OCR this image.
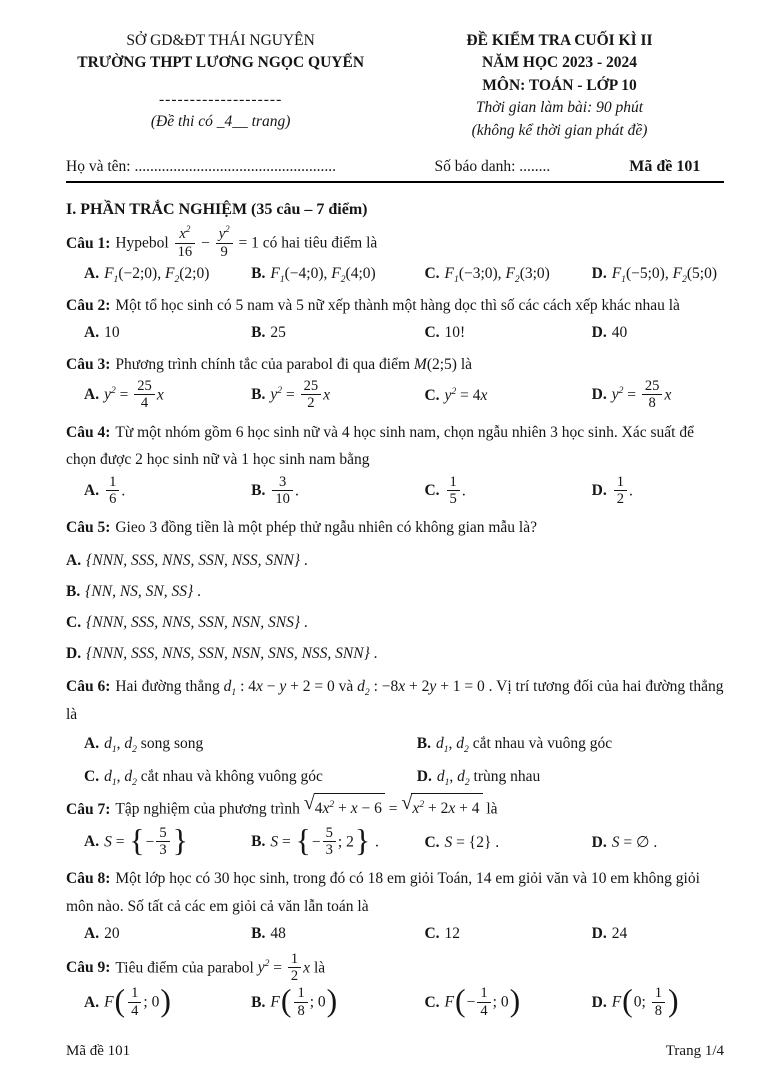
SỞ GD&ĐT THÁI NGUYÊN
TRƯỜNG THPT LƯƠNG NGỌC QUYẾN
--------------------
(Đề thi có _4__ trang)
ĐỀ KIỂM TRA CUỐI KÌ II
NĂM HỌC 2023 - 2024
MÔN: TOÁN - LỚP 10
Thời gian làm bài: 90 phút
(không kể thời gian phát đề)
Họ và tên: ....................................................	Số báo danh: ........	Mã đề 101
I. PHẦN TRẮC NGHIỆM (35 câu – 7 điểm)
Câu 1: Hypebol $\frac{x^2}{16} - \frac{y^2}{9} = 1$ có hai tiêu điểm là
A. $F_1(-2;0)$, $F_2(2;0)$	B. $F_1(-4;0)$, $F_2(4;0)$	C. $F_1(-3;0)$, $F_2(3;0)$	D. $F_1(-5;0)$, $F_2(5;0)$
Câu 2: Một tổ học sinh có 5 nam và 5 nữ xếp thành một hàng dọc thì số các cách xếp khác nhau là
A. 10	B. 25	C. 10!	D. 40
Câu 3: Phương trình chính tắc của parabol đi qua điểm M(2;5) là
A. $y^2 = \frac{25}{4}$ x	B. $y^2 = \frac{25}{2}$ x	C. $y^2 = 4x$	D. $y^2 = \frac{25}{8}$ x
Câu 4: Từ một nhóm gồm 6 học sinh nữ và 4 học sinh nam, chọn ngẫu nhiên 3 học sinh. Xác suất để chọn được 2 học sinh nữ và 1 học sinh nam bằng
A. $\frac{1}{6}$ .	B. $\frac{3}{10}$ .	C. $\frac{1}{5}$ .	D. $\frac{1}{2}$ .
Câu 5: Gieo 3 đồng tiền là một phép thử ngẫu nhiên có không gian mẫu là?
A. {NNN, SSS, NNS, SSN, NSS, SNN} .
B. {NN, NS, SN, SS} .
C. {NNN, SSS, NNS, SSN, NSN, SNS} .
D. {NNN, SSS, NNS, SSN, NSN, SNS, NSS, SNN} .
Câu 6: Hai đường thẳng $d_1$ : 4x − y + 2 = 0 và $d_2$ : −8x + 2y + 1 = 0 . Vị trí tương đối của hai đường thẳng là
A. $d_1$, $d_2$ song song	B. $d_1$, $d_2$ cắt nhau và vuông góc
C. $d_1$, $d_2$ cắt nhau và không vuông góc	D. $d_1$, $d_2$ trùng nhau
Câu 7: Tập nghiệm của phương trình √ $4x^2 + x - 6$ = √ $x^2 + 2x + 4$ là
A. S = {− $\frac{5}{3}$ }	B. S = {− $\frac{5}{3}$ ; 2} .	C. S = {2} .	D. S = ∅ .
Câu 8: Một lớp học có 30 học sinh, trong đó có 18 em giỏi Toán, 14 em giỏi văn và 10 em không giỏi môn nào. Số tất cả các em giỏi cả văn lẫn toán là
A. 20	B. 48	C. 12	D. 24
Câu 9: Tiêu điểm của parabol $y^2 = \frac{1}{2}$ x là
A. $F( \frac{1}{4}$ ; 0)	B. $F( \frac{1}{8}$ ; 0)	C. $F(- \frac{1}{4}$ ; 0)	D. F(0; $\frac{1}{8}$ )
Mã đề 101	Trang 1/4
